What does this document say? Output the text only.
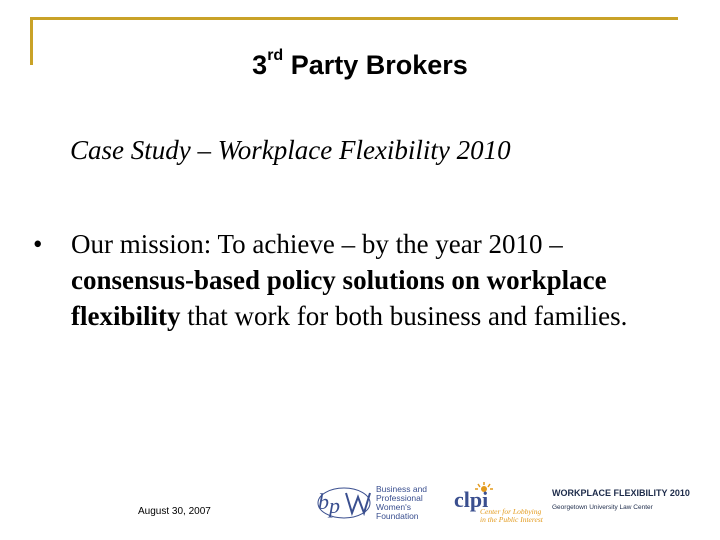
3rd Party Brokers
Case Study – Workplace Flexibility 2010
• Our mission: To achieve – by the year 2010 – consensus-based policy solutions on workplace flexibility that work for both business and families.
August 30, 2007	b p
Business and
Professional
Women's
Foundation
clpi
Center for Lobbying
in the Public Interest
WORKPLACE FLEXIBILITY 2010
Georgetown University Law Center
